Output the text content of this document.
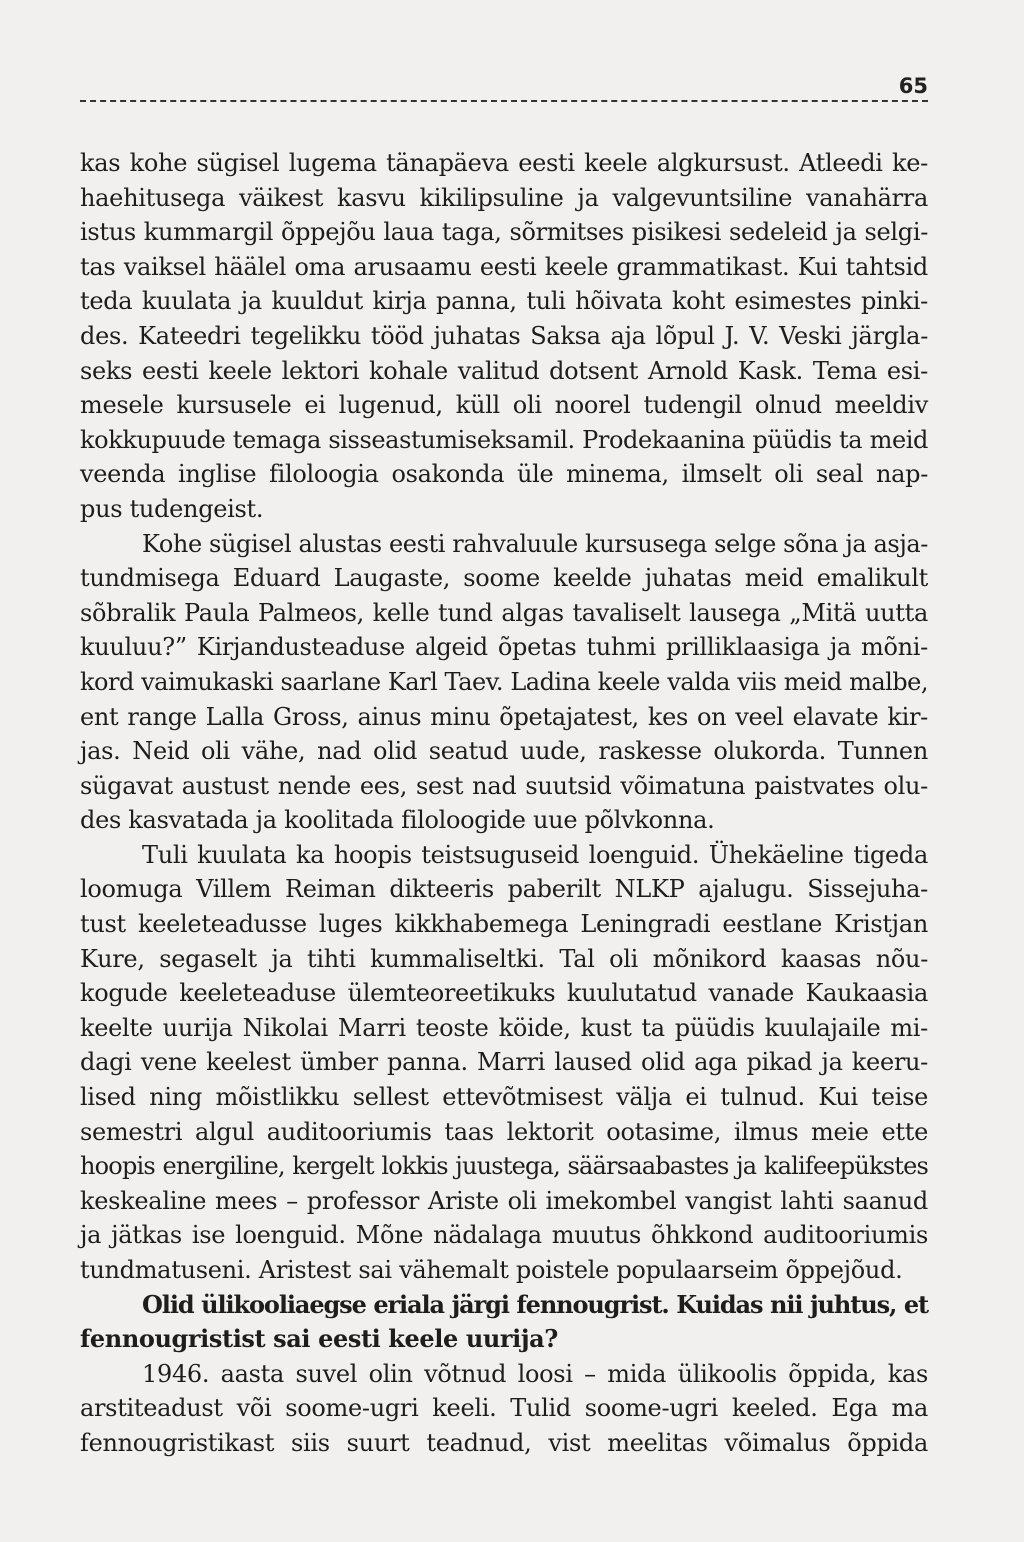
65
kas kohe sügisel lugema tänapäeva eesti keele algkursust. Atleedi ke-
haehitusega väikest kasvu kikilipsuline ja valgevuntsiline vanahärra
istus kummargil õppejõu laua taga, sõrmitses pisikesi sedeleid ja selgi-
tas vaiksel häälel oma arusaamu eesti keele grammatikast. Kui tahtsid
teda kuulata ja kuuldut kirja panna, tuli hõivata koht esimestes pinki-
des. Kateedri tegelikku tööd juhatas Saksa aja lõpul J. V. Veski järgla-
seks eesti keele lektori kohale valitud dotsent Arnold Kask. Tema esi-
mesele kursusele ei lugenud, küll oli noorel tudengil olnud meeldiv
kokkupuude temaga sisseastumiseksamil. Prodekaanina püüdis ta meid
veenda inglise filoloogia osakonda üle minema, ilmselt oli seal nap-
pus tudengeist.
Kohe sügisel alustas eesti rahvaluule kursusega selge sõna ja asja-
tundmisega Eduard Laugaste, soome keelde juhatas meid emalikult
sõbralik Paula Palmeos, kelle tund algas tavaliselt lausega „Mitä uutta
kuuluu?” Kirjandusteaduse algeid õpetas tuhmi prilliklaasiga ja mõni-
kord vaimukaski saarlane Karl Taev. Ladina keele valda viis meid malbe,
ent range Lalla Gross, ainus minu õpetajatest, kes on veel elavate kir-
jas. Neid oli vähe, nad olid seatud uude, raskesse olukorda. Tunnen
sügavat austust nende ees, sest nad suutsid võimatuna paistvates olu-
des kasvatada ja koolitada filoloogide uue põlvkonna.
Tuli kuulata ka hoopis teistsuguseid loenguid. Ühekäeline tigeda
loomuga Villem Reiman dikteeris paberilt NLKP ajalugu. Sissejuha-
tust keeleteadusse luges kikkhabemega Leningradi eestlane Kristjan
Kure, segaselt ja tihti kummaliseltki. Tal oli mõnikord kaasas nõu-
kogude keeleteaduse ülemteoreetikuks kuulutatud vanade Kaukaasia
keelte uurija Nikolai Marri teoste köide, kust ta püüdis kuulajaile mi-
dagi vene keelest ümber panna. Marri laused olid aga pikad ja keeru-
lised ning mõistlikku sellest ettevõtmisest välja ei tulnud. Kui teise
semestri algul auditooriumis taas lektorit ootasime, ilmus meie ette
hoopis energiline, kergelt lokkis juustega, säärsaabastes ja kalifeepükstes
keskealine mees – professor Ariste oli imekombel vangist lahti saanud
ja jätkas ise loenguid. Mõne nädalaga muutus õhkkond auditooriumis
tundmatuseni. Aristest sai vähemalt poistele populaarseim õppejõud.
Olid ülikooliaegse eriala järgi fennougrist. Kuidas nii juhtus, et
fennougristist sai eesti keele uurija?
1946. aasta suvel olin võtnud loosi – mida ülikoolis õppida, kas
arstiteadust või soome-ugri keeli. Tulid soome-ugri keeled. Ega ma
fennougristikast siis suurt teadnud, vist meelitas võimalus õppida
